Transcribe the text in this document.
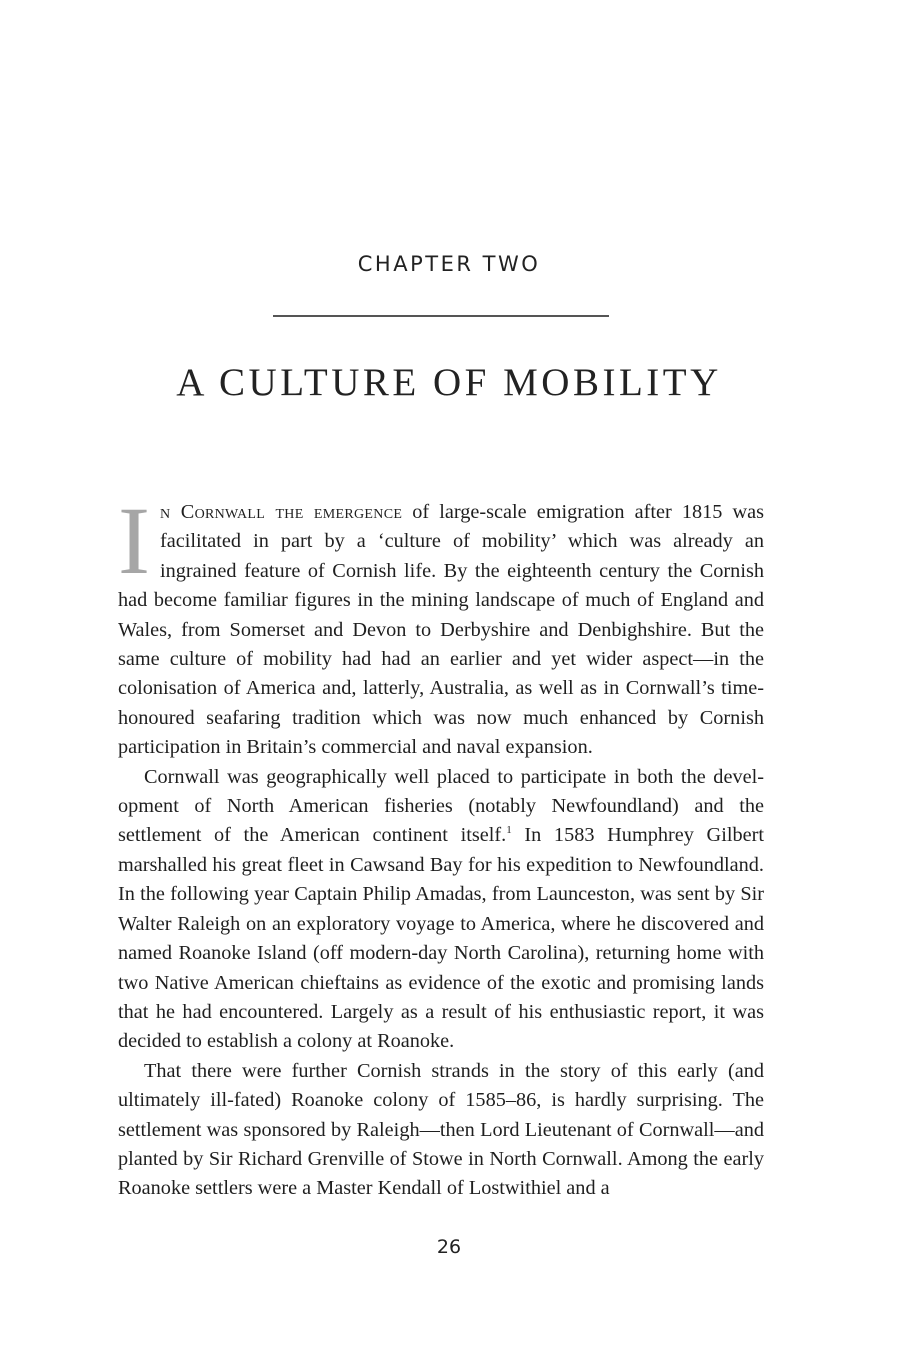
CHAPTER TWO
A CULTURE OF MOBILITY

In Cornwall the emergence of large-scale emigration after 1815 was facilitated in part by a ‘culture of mobility’ which was already an ingrained feature of Cornish life. By the eighteenth century the Cornish had become familiar figures in the mining landscape of much of England and Wales, from Somerset and Devon to Derbyshire and Denbighshire. But the same culture of mobility had had an earlier and yet wider aspect—in the colonisation of America and, latterly, Australia, as well as in Cornwall’s time-honoured seafaring tradition which was now much enhanced by Cornish participation in Britain’s commercial and naval expansion.

Cornwall was geographically well placed to participate in both the development of North American fisheries (notably Newfoundland) and the settlement of the American continent itself.$^1$ In 1583 Humphrey Gilbert marshalled his great fleet in Cawsand Bay for his expedition to Newfoundland. In the following year Captain Philip Amadas, from Launceston, was sent by Sir Walter Raleigh on an exploratory voyage to America, where he discovered and named Roanoke Island (off modern-day North Carolina), returning home with two Native American chieftains as evidence of the exotic and promising lands that he had encountered. Largely as a result of his enthusiastic report, it was decided to establish a colony at Roanoke.

That there were further Cornish strands in the story of this early (and ultimately ill-fated) Roanoke colony of 1585–86, is hardly surprising. The settlement was sponsored by Raleigh—then Lord Lieutenant of Cornwall—and planted by Sir Richard Grenville of Stowe in North Cornwall. Among the early Roanoke settlers were a Master Kendall of Lostwithiel and a

26
